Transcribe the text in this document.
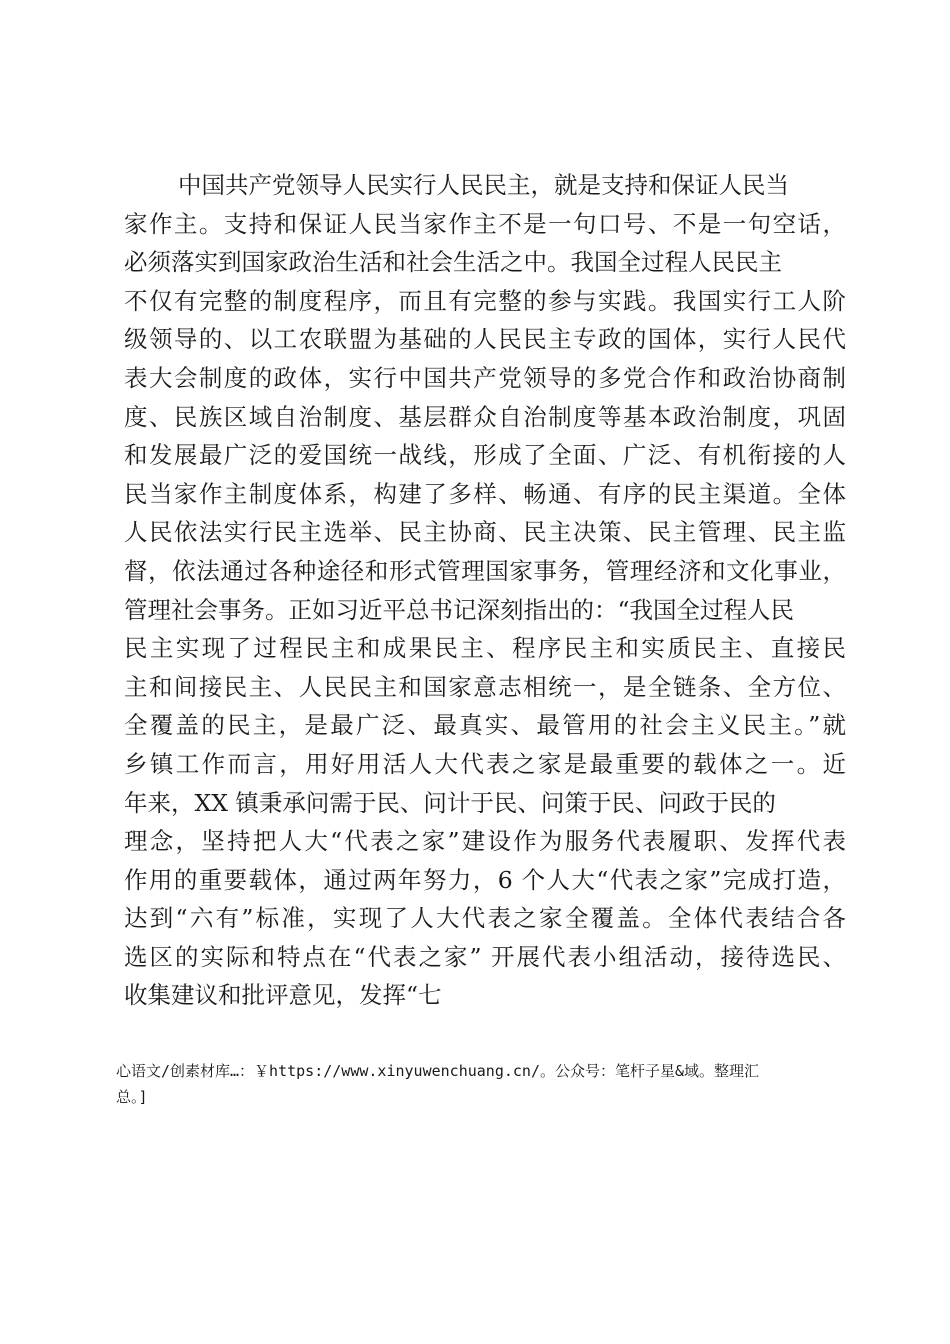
中国共产党领导人民实行人民民主，就是支持和保证人民当
家作主。支持和保证人民当家作主不是一句口号、不是一句空话，
必须落实到国家政治生活和社会生活之中。我国全过程人民民主
不仅有完整的制度程序，而且有完整的参与实践。我国实行工人阶
级领导的、以工农联盟为基础的人民民主专政的国体，实行人民代
表大会制度的政体，实行中国共产党领导的多党合作和政治协商制
度、民族区域自治制度、基层群众自治制度等基本政治制度，巩固
和发展最广泛的爱国统一战线，形成了全面、广泛、有机衔接的人
民当家作主制度体系，构建了多样、畅通、有序的民主渠道。全体
人民依法实行民主选举、民主协商、民主决策、民主管理、民主监
督，依法通过各种途径和形式管理国家事务，管理经济和文化事业，
管理社会事务。正如习近平总书记深刻指出的：“我国全过程人民
民主实现了过程民主和成果民主、程序民主和实质民主、直接民
主和间接民主、人民民主和国家意志相统一，是全链条、全方位、
全覆盖的民主，是最广泛、最真实、最管用的社会主义民主。”就
乡镇工作而言，用好用活人大代表之家是最重要的载体之一。近
年来，XX 镇秉承问需于民、问计于民、问策于民、问政于民的
理念，坚持把人大“代表之家”建设作为服务代表履职、发挥代表
作用的重要载体，通过两年努力，6 个人大“代表之家”完成打造，
达到“六有”标准，实现了人大代表之家全覆盖。全体代表结合各
选区的实际和特点在“代表之家” 开展代表小组活动，接待选民、
收集建议和批评意见，发挥“七
心语文/创素材库…：￥https://www.xinyuwenchuang.cn/。公众号：笔杆子星&域。整理汇
总。]
